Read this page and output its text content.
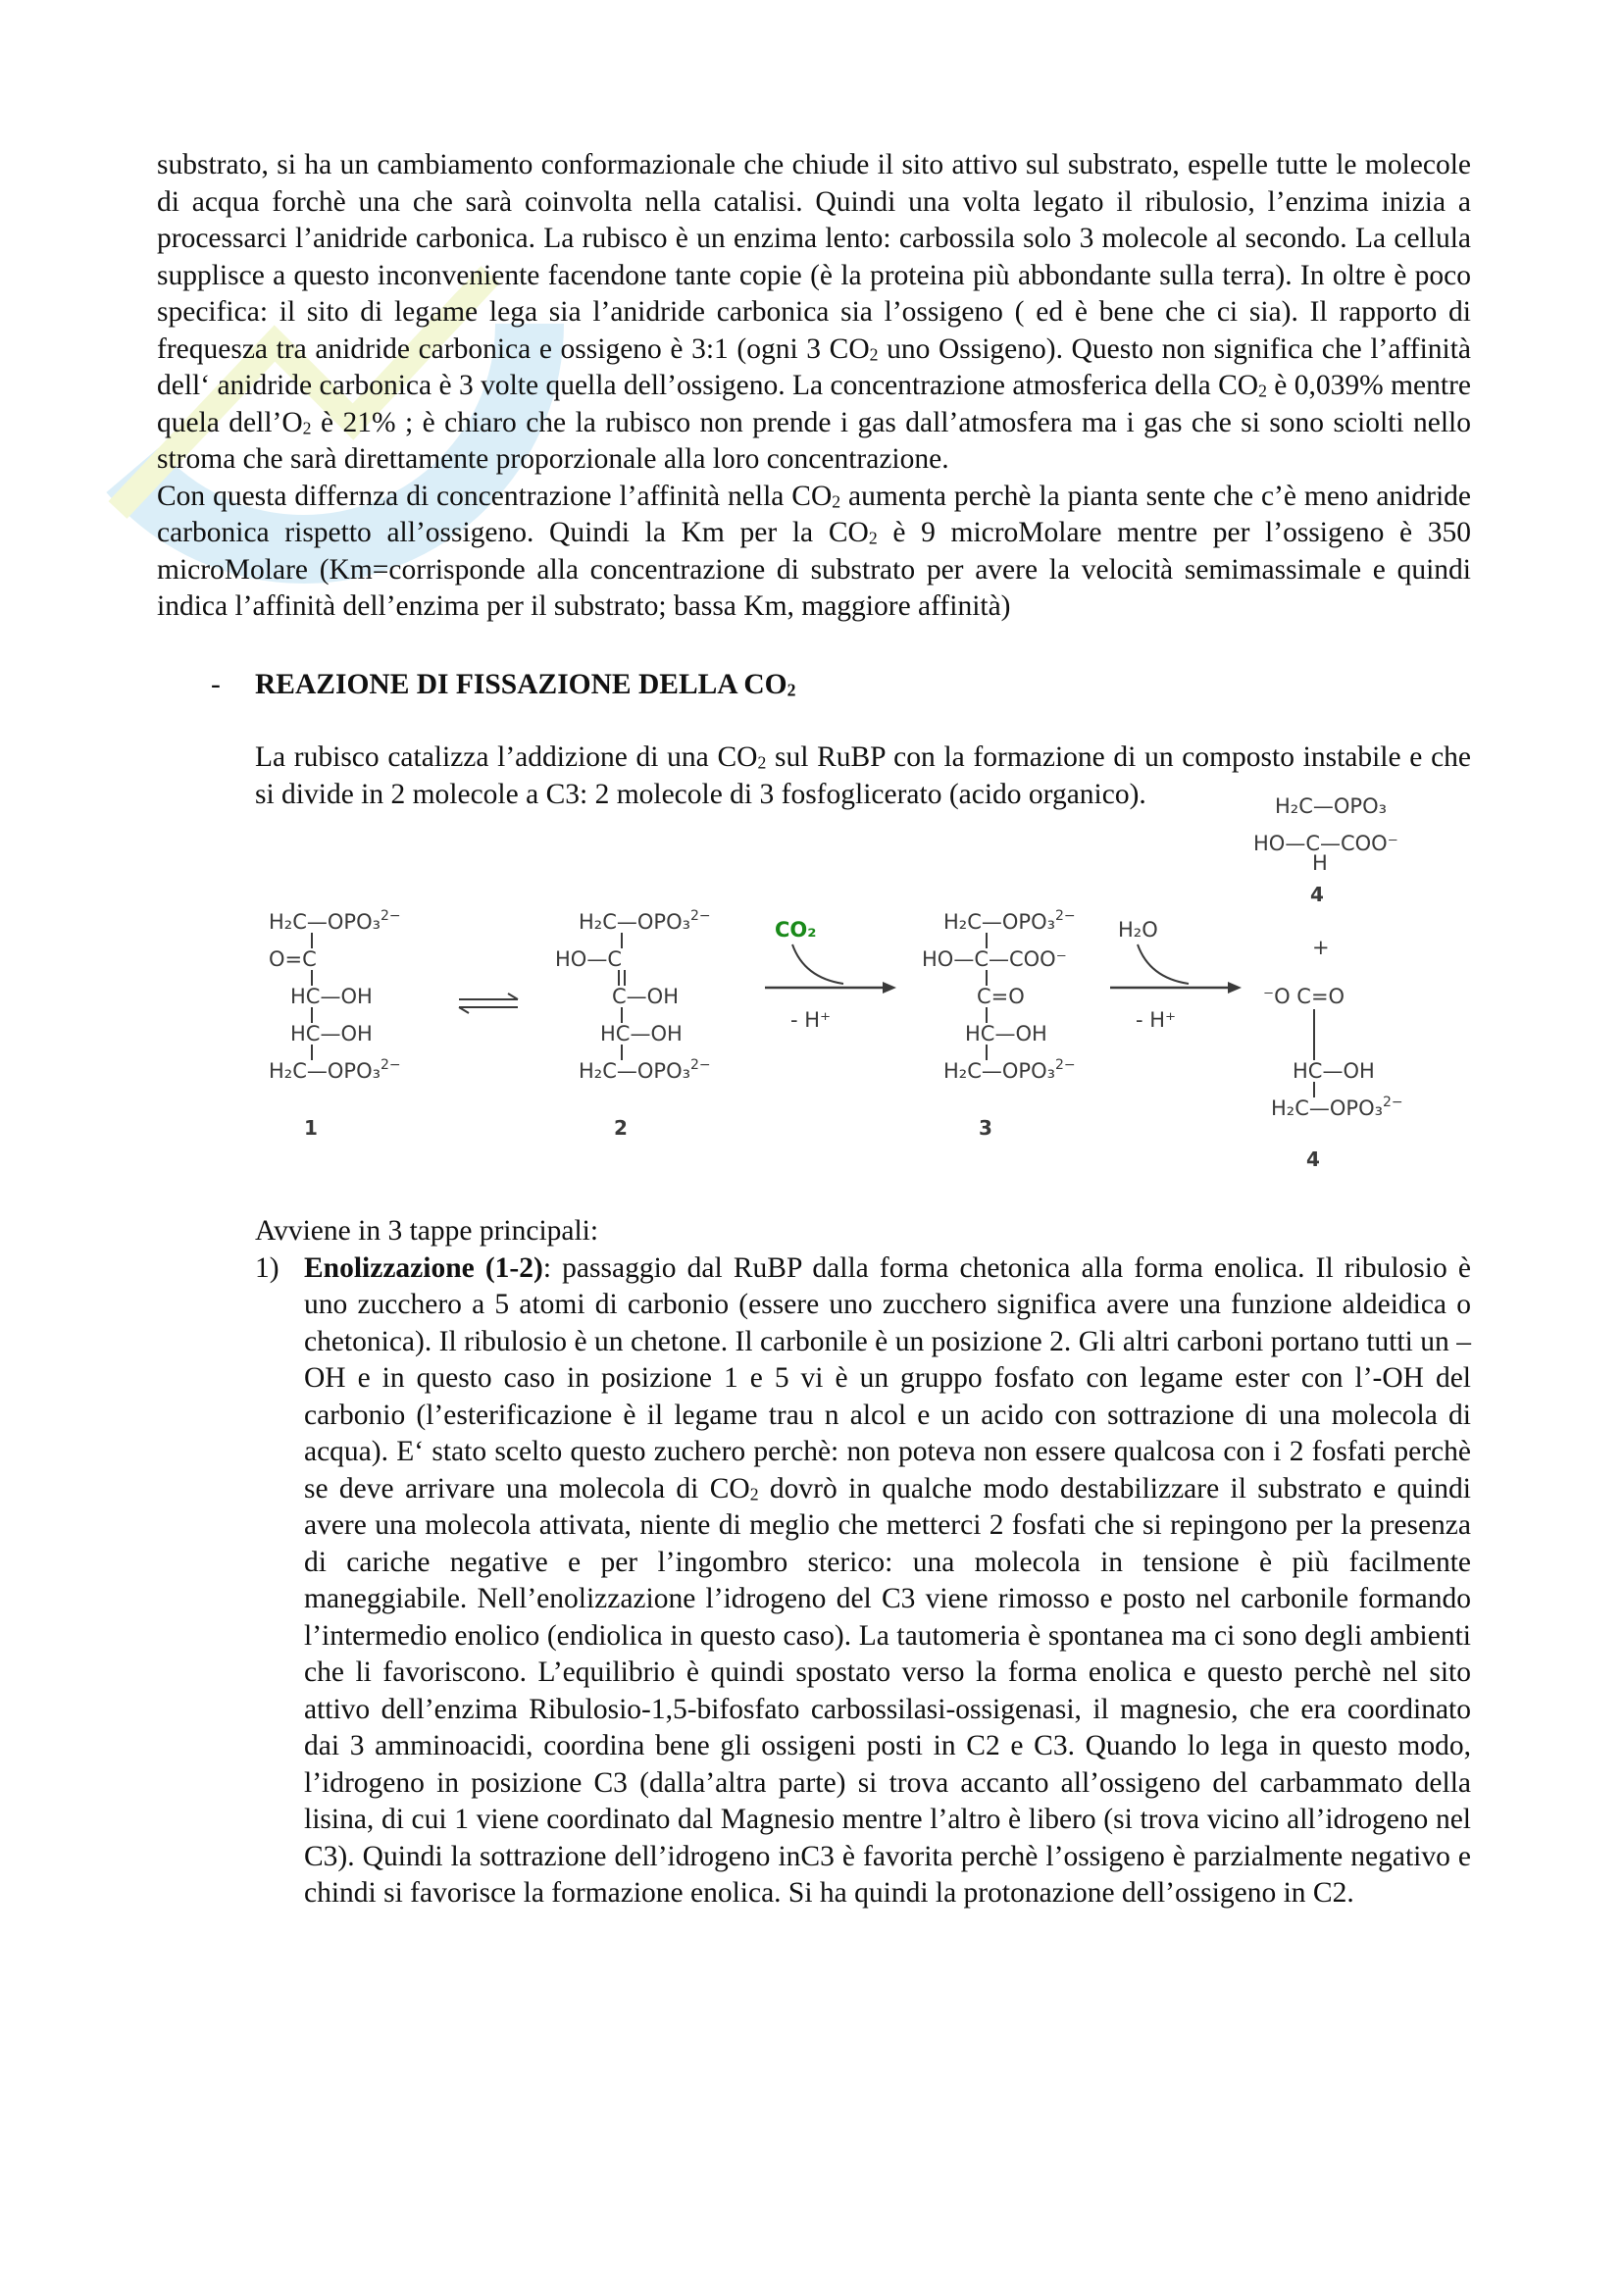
substrato, si ha un cambiamento conformazionale che chiude il sito attivo sul substrato, espelle tutte le molecole di acqua forchè una che sarà coinvolta nella catalisi. Quindi una volta legato il ribulosio, l’enzima inizia a processarci l’anidride carbonica. La rubisco è un enzima lento: carbossila solo 3 molecole al secondo. La cellula supplisce a questo inconveniente facendone tante copie (è la proteina più abbondante sulla terra). In oltre è poco specifica: il sito di legame lega sia l’anidride carbonica sia l’ossigeno ( ed è bene che ci sia). Il rapporto di frequesza tra anidride carbonica e ossigeno è 3:1 (ogni 3 $CO_2$ uno Ossigeno). Questo non significa che l’affinità dell‘ anidride carbonica è 3 volte quella dell’ossigeno. La concentrazione atmosferica della $CO_2$ è 0,039% mentre quela $dell’O_2$ è 21% ; è chiaro che la rubisco non prende i gas dall’atmosfera ma i gas che si sono sciolti nello stroma che sarà direttamente proporzionale alla loro concentrazione.

Con questa differnza di concentrazione l’affinità nella $CO_2$ aumenta perchè la pianta sente che c’è meno anidride carbonica rispetto all’ossigeno. Quindi la Km per la $CO_2$ è 9 microMolare mentre per l’ossigeno è 350 microMolare (Km=corrisponde alla concentrazione di substrato per avere la velocità semimassimale e quindi indica l’affinità dell’enzima per il substrato; bassa Km, maggiore affinità)

-	REAZIONE DI FISSAZIONE DELLA $CO_2$

La rubisco catalizza l’addizione di una $CO_2$ sul RuBP con la formazione di un composto instabile e che si divide in 2 molecole a C3: 2 molecole di 3 fosfoglicerato (acido organico).

H₂C—OPO₃$^{2-}$
O=C
HC—OH
HC—OH
H₂C—OPO₃$^{2-}$
1
H₂C—OPO₃$^{2-}$
HO—C
C—OH
HC—OH
H₂C—OPO₃$^{2-}$
2
CO₂
- H⁺
H₂C—OPO₃$^{2-}$
HO—C—COO⁻
C=O
HC—OH
H₂C—OPO₃$^{2-}$
3
H₂O
- H⁺
H₂C—OPO₃
HO—C—COO⁻
H
4
+
⁻O C=O
HC—OH
H₂C—OPO₃$^{2-}$
4

Avviene in 3 tappe principali:

1) Enolizzazione (1-2): passaggio dal RuBP dalla forma chetonica alla forma enolica. Il ribulosio è uno zucchero a 5 atomi di carbonio (essere uno zucchero significa avere una funzione aldeidica o chetonica). Il ribulosio è un chetone. Il carbonile è un posizione 2. Gli altri carboni portano tutti un –OH e in questo caso in posizione 1 e 5 vi è un gruppo fosfato con legame ester con l’-OH del carbonio (l’esterificazione è il legame trau n alcol e un acido con sottrazione di una molecola di acqua). E‘ stato scelto questo zuchero perchè: non poteva non essere qualcosa con i 2 fosfati perchè se deve arrivare una molecola di $CO_2$ dovrò in qualche modo destabilizzare il substrato e quindi avere una molecola attivata, niente di meglio che metterci 2 fosfati che si repingono per la presenza di cariche negative e per l’ingombro sterico: una molecola in tensione è più facilmente maneggiabile. Nell’enolizzazione l’idrogeno del C3 viene rimosso e posto nel carbonile formando l’intermedio enolico (endiolica in questo caso). La tautomeria è spontanea ma ci sono degli ambienti che li favoriscono. L’equilibrio è quindi spostato verso la forma enolica e questo perchè nel sito attivo dell’enzima Ribulosio-1,5-bifosfato carbossilasi-ossigenasi, il magnesio, che era coordinato dai 3 amminoacidi, coordina bene gli ossigeni posti in C2 e C3. Quando lo lega in questo modo, l’idrogeno in posizione C3 (dalla’altra parte) si trova accanto all’ossigeno del carbammato della lisina, di cui 1 viene coordinato dal Magnesio mentre l’altro è libero (si trova vicino all’idrogeno nel C3). Quindi la sottrazione dell’idrogeno inC3 è favorita perchè l’ossigeno è parzialmente negativo e chindi si favorisce la formazione enolica. Si ha quindi la protonazione dell’ossigeno in C2.
